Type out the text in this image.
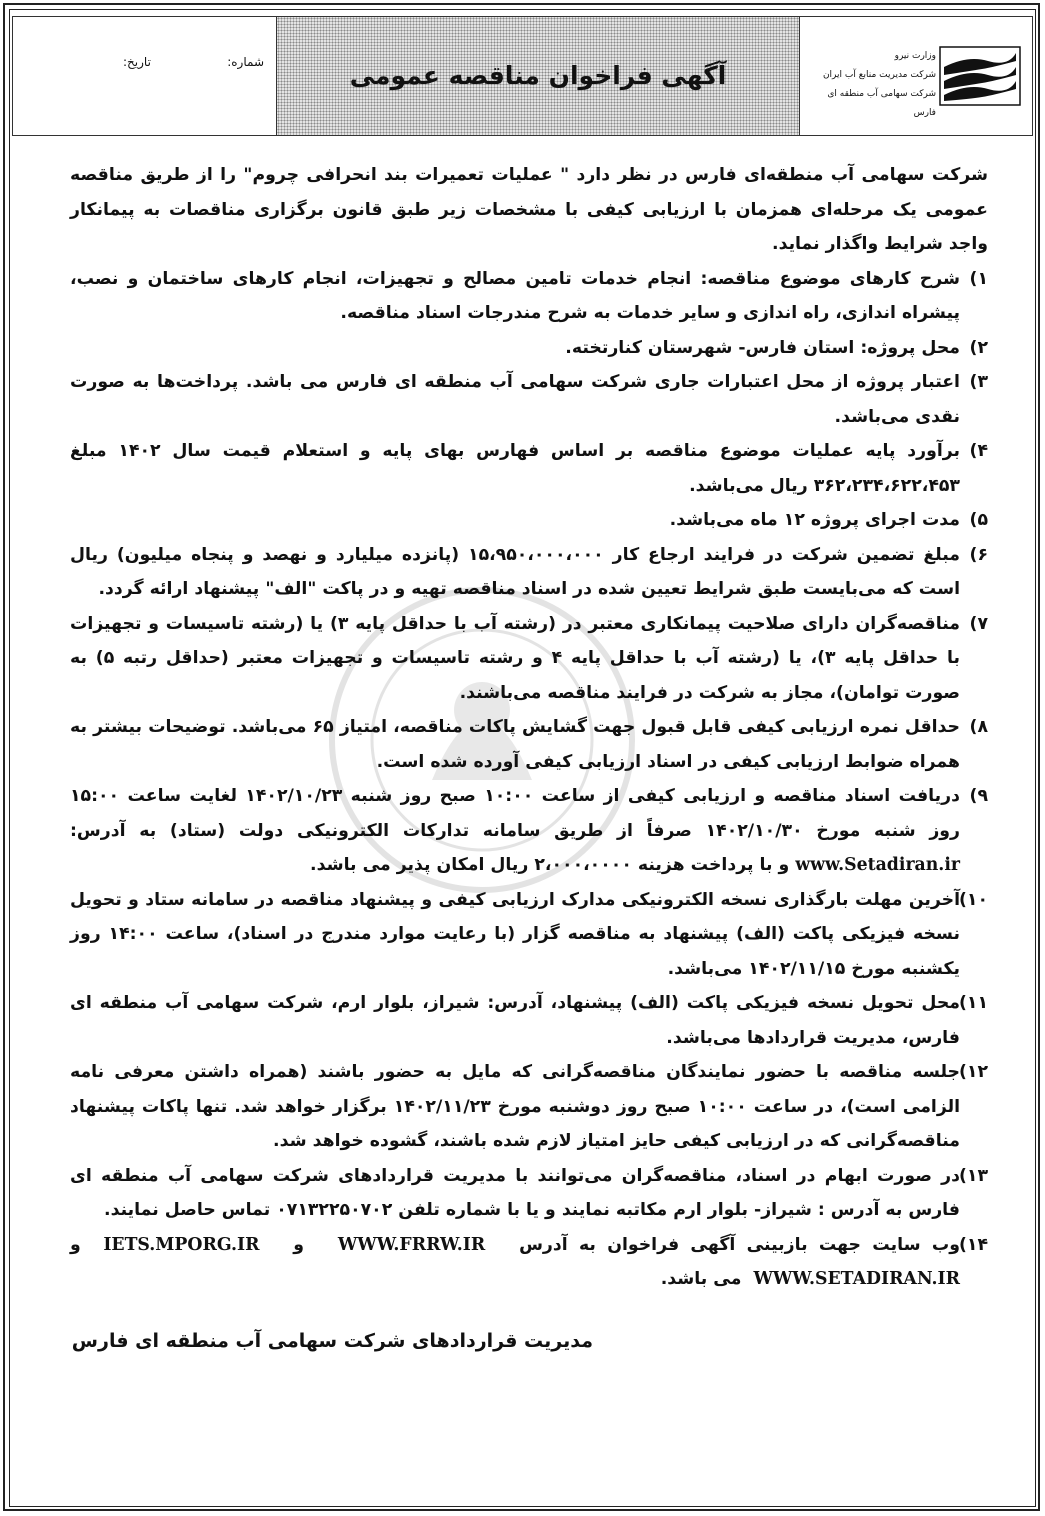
شماره:
تاریخ:	آگهی فراخوان مناقصه عمومی
وزارت نیرو
شرکت مدیریت منابع آب ایران
شرکت سهامی آب منطقه ای فارس

شرکت سهامی آب منطقه‌ای فارس در نظر دارد " عملیات تعمیرات بند انحرافی چروم" را از طریق مناقصه عمومی یک مرحله‌ای همزمان با ارزیابی کیفی با مشخصات زیر طبق قانون برگزاری مناقصات به پیمانکار واجد شرایط واگذار نماید.

۱)
شرح کارهای موضوع مناقصه: انجام خدمات تامین مصالح و تجهیزات، انجام کارهای ساختمان و نصب، پیشراه اندازی، راه اندازی و سایر خدمات به شرح مندرجات اسناد مناقصه.
۲)
محل پروژه: استان فارس- شهرستان کنارتخته.
۳)
اعتبار پروژه از محل اعتبارات جاری شرکت سهامی آب منطقه ای فارس می باشد. پرداخت‌ها به صورت نقدی می‌باشد.
۴)
برآورد پایه عملیات موضوع مناقصه بر اساس فهارس بهای پایه و استعلام قیمت سال ۱۴۰۲ مبلغ ۳۶۲،۲۳۴،۶۲۲،۴۵۳ ریال می‌باشد.
۵)
مدت اجرای پروژه ۱۲ ماه می‌باشد.
۶)
مبلغ تضمین شرکت در فرایند ارجاع کار ۱۵،۹۵۰،۰۰۰،۰۰۰ (پانزده میلیارد و نهصد و پنجاه میلیون) ریال است که می‌بایست طبق شرایط تعیین شده در اسناد مناقصه تهیه و در پاکت "الف" پیشنهاد ارائه گردد.
۷)
مناقصه‌گران دارای صلاحیت پیمانکاری معتبر در (رشته آب با حداقل پایه ۳) یا (رشته تاسیسات و تجهیزات با حداقل پایه ۳)، یا (رشته آب با حداقل پایه ۴ و رشته تاسیسات و تجهیزات معتبر (حداقل رتبه ۵) به صورت توامان)، مجاز به شرکت در فرایند مناقصه می‌باشند.
۸)
حداقل نمره ارزیابی کیفی قابل قبول جهت گشایش پاکات مناقصه، امتیاز ۶۵ می‌باشد. توضیحات بیشتر به همراه ضوابط ارزیابی کیفی در اسناد ارزیابی کیفی آورده شده است.
۹)
دریافت اسناد مناقصه و ارزیابی کیفی از ساعت ۱۰:۰۰ صبح روز شنبه ۱۴۰۲/۱۰/۲۳ لغایت ساعت ۱۵:۰۰ روز شنبه مورخ ۱۴۰۲/۱۰/۳۰ صرفاً از طریق سامانه تدارکات الکترونیکی دولت (ستاد) به آدرس: www.Setadiran.ir و با پرداخت هزینه ۲،۰۰۰،۰۰۰۰ ریال امکان پذیر می باشد.
۱۰)
آخرین مهلت بارگذاری نسخه الکترونیکی مدارک ارزیابی کیفی و پیشنهاد مناقصه در سامانه ستاد و تحویل نسخه فیزیکی پاکت (الف) پیشنهاد به مناقصه گزار (با رعایت موارد مندرج در اسناد)، ساعت ۱۴:۰۰ روز یکشنبه مورخ ۱۴۰۲/۱۱/۱۵ می‌باشد.
۱۱)
محل تحویل نسخه فیزیکی پاکت (الف) پیشنهاد، آدرس: شیراز، بلوار ارم، شرکت سهامی آب منطقه ای فارس، مدیریت قراردادها می‌باشد.
۱۲)
جلسه مناقصه با حضور نمایندگان مناقصه‌گرانی که مایل به حضور باشند (همراه داشتن معرفی نامه الزامی است)، در ساعت ۱۰:۰۰ صبح روز دوشنبه مورخ ۱۴۰۲/۱۱/۲۳ برگزار خواهد شد. تنها پاکات پیشنهاد مناقصه‌گرانی که در ارزیابی کیفی حایز امتیاز لازم شده باشند، گشوده خواهد شد.
۱۳)
در صورت ابهام در اسناد، مناقصه‌گران می‌توانند با مدیریت قراردادهای شرکت سهامی آب منطقه ای فارس به آدرس : شیراز- بلوار ارم مکاتبه نمایند و یا با شماره تلفن ۰۷۱۳۲۲۵۰۷۰۲ تماس حاصل نمایند.
۱۴)
وب سایت جهت بازبینی آگهی فراخوان به آدرس   WWW.FRRW.IR   و   IETS.MPORG.IR  و WWW.SETADIRAN.IR  می باشد.
مدیریت قراردادهای شرکت سهامی آب منطقه ای فارس
